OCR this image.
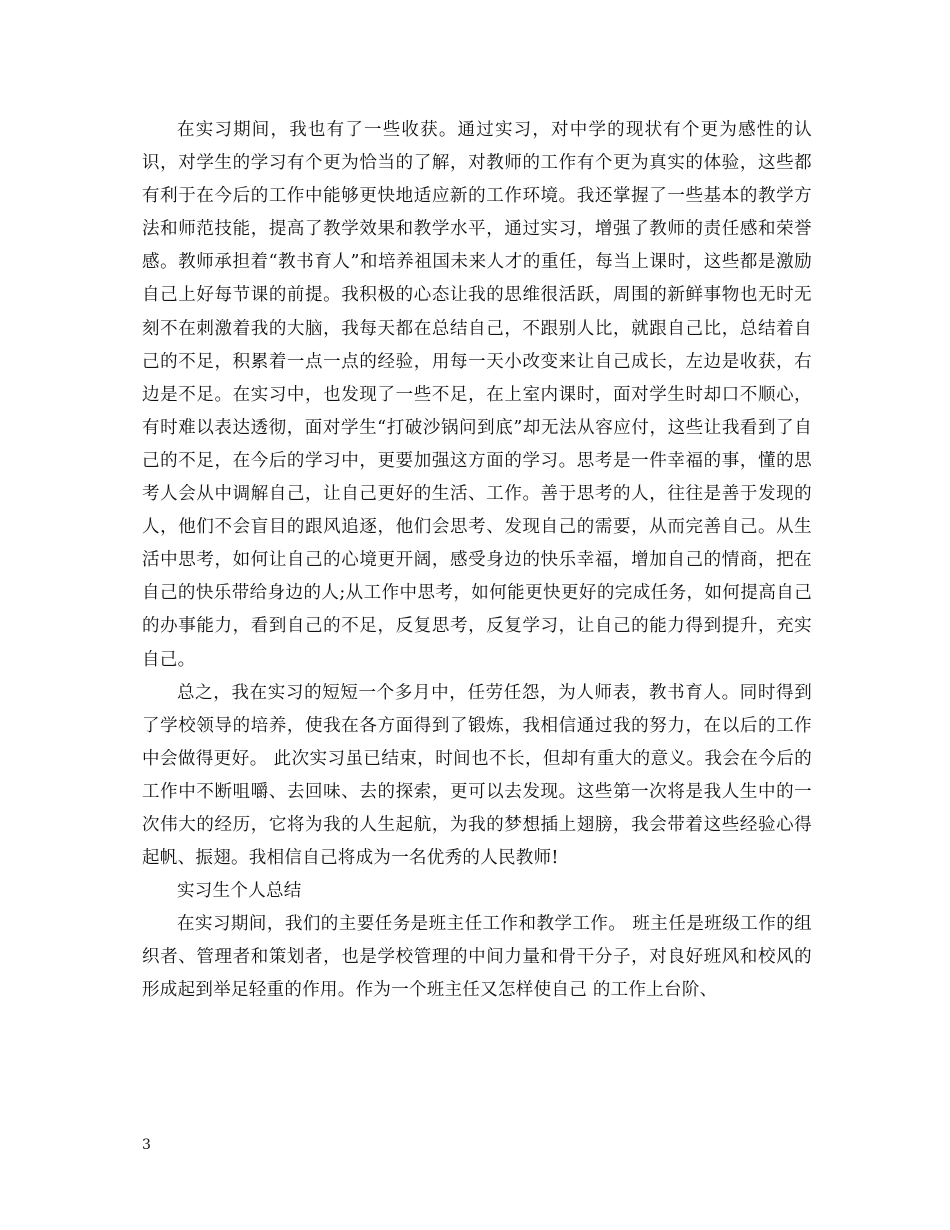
在实习期间，我也有了一些收获。通过实习，对中学的现状有个更为感性的认识，对学生的学习有个更为恰当的了解，对教师的工作有个更为真实的体验，这些都有利于在今后的工作中能够更快地适应新的工作环境。我还掌握了一些基本的教学方法和师范技能，提高了教学效果和教学水平，通过实习，增强了教师的责任感和荣誉感。教师承担着“教书育人”和培养祖国未来人才的重任，每当上课时，这些都是激励自己上好每节课的前提。我积极的心态让我的思维很活跃，周围的新鲜事物也无时无刻不在刺激着我的大脑，我每天都在总结自己，不跟别人比，就跟自己比，总结着自己的不足，积累着一点一点的经验，用每一天小改变来让自己成长，左边是收获，右边是不足。在实习中，也发现了一些不足，在上室内课时，面对学生时却口不顺心，有时难以表达透彻，面对学生“打破沙锅问到底”却无法从容应付，这些让我看到了自己的不足，在今后的学习中，更要加强这方面的学习。思考是一件幸福的事，懂的思考人会从中调解自己，让自己更好的生活、工作。善于思考的人，往往是善于发现的人，他们不会盲目的跟风追逐，他们会思考、发现自己的需要，从而完善自己。从生活中思考，如何让自己的心境更开阔，感受身边的快乐幸福，增加自己的情商，把在自己的快乐带给身边的人;从工作中思考，如何能更快更好的完成任务，如何提高自己的办事能力，看到自己的不足，反复思考，反复学习，让自己的能力得到提升，充实自己。

总之，我在实习的短短一个多月中，任劳任怨，为人师表，教书育人。同时得到了学校领导的培养，使我在各方面得到了锻炼，我相信通过我的努力，在以后的工作中会做得更好。 此次实习虽已结束，时间也不长，但却有重大的意义。我会在今后的工作中不断咀嚼、去回味、去的探索，更可以去发现。这些第一次将是我人生中的一次伟大的经历，它将为我的人生起航，为我的梦想插上翅膀，我会带着这些经验心得起帆、振翅。我相信自己将成为一名优秀的人民教师!

实习生个人总结

在实习期间，我们的主要任务是班主任工作和教学工作。 班主任是班级工作的组织者、管理者和策划者，也是学校管理的中间力量和骨干分子，对良好班风和校风的形成起到举足轻重的作用。作为一个班主任又怎样使自己 的工作上台阶、

3
